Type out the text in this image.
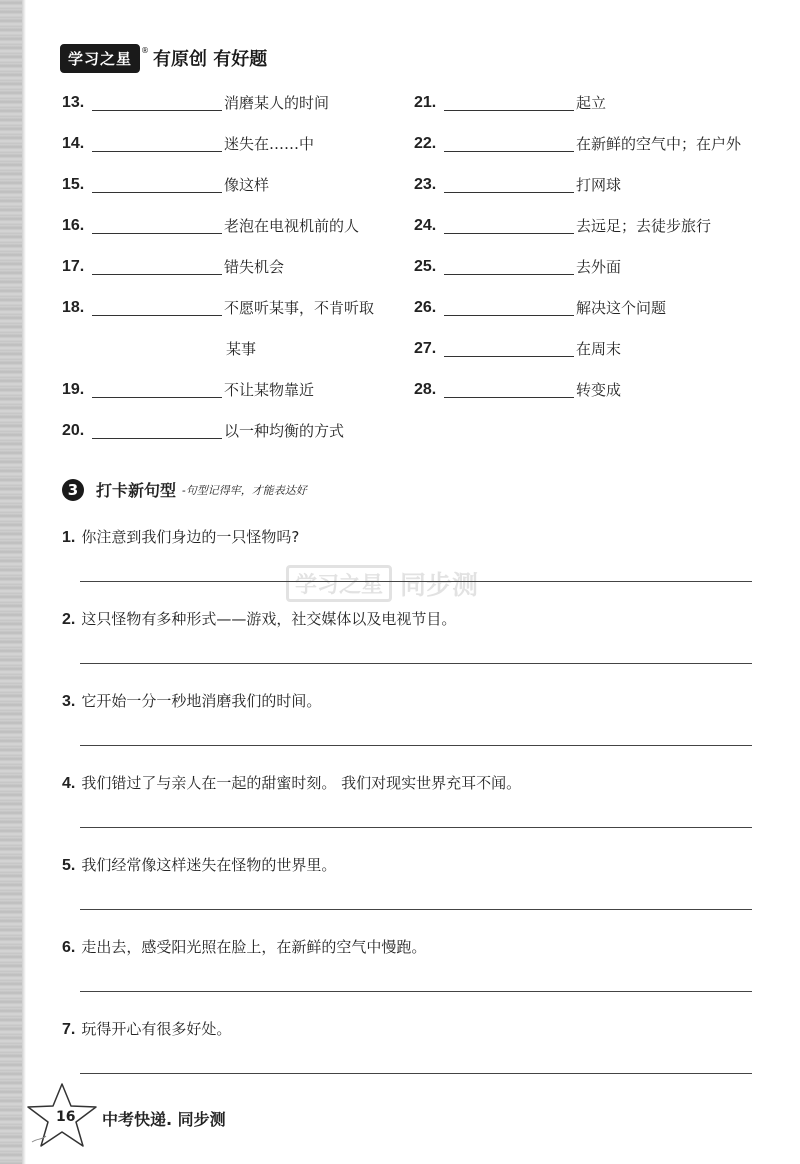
学习之星	® 有原创 有好题
13.	消磨某人的时间
14.	迷失在……中
15.	像这样
16.	老泡在电视机前的人
17.	错失机会
18.	不愿听某事，不肯听取
某事
19.	不让某物靠近
20.	以一种均衡的方式
21.	起立
22.	在新鲜的空气中；在户外
23.	打网球
24.	去远足；去徒步旅行
25.	去外面
26.	解决这个问题
27.	在周末
28.	转变成
3	打卡新句型 -句型记得牢，才能表达好
学习之星 同步测
1. 你注意到我们身边的一只怪物吗?
2. 这只怪物有多种形式——游戏，社交媒体以及电视节目。
3. 它开始一分一秒地消磨我们的时间。
4. 我们错过了与亲人在一起的甜蜜时刻。 我们对现实世界充耳不闻。
5. 我们经常像这样迷失在怪物的世界里。
6. 走出去，感受阳光照在脸上，在新鲜的空气中慢跑。
7. 玩得开心有很多好处。
16 中考快递. 同步测
